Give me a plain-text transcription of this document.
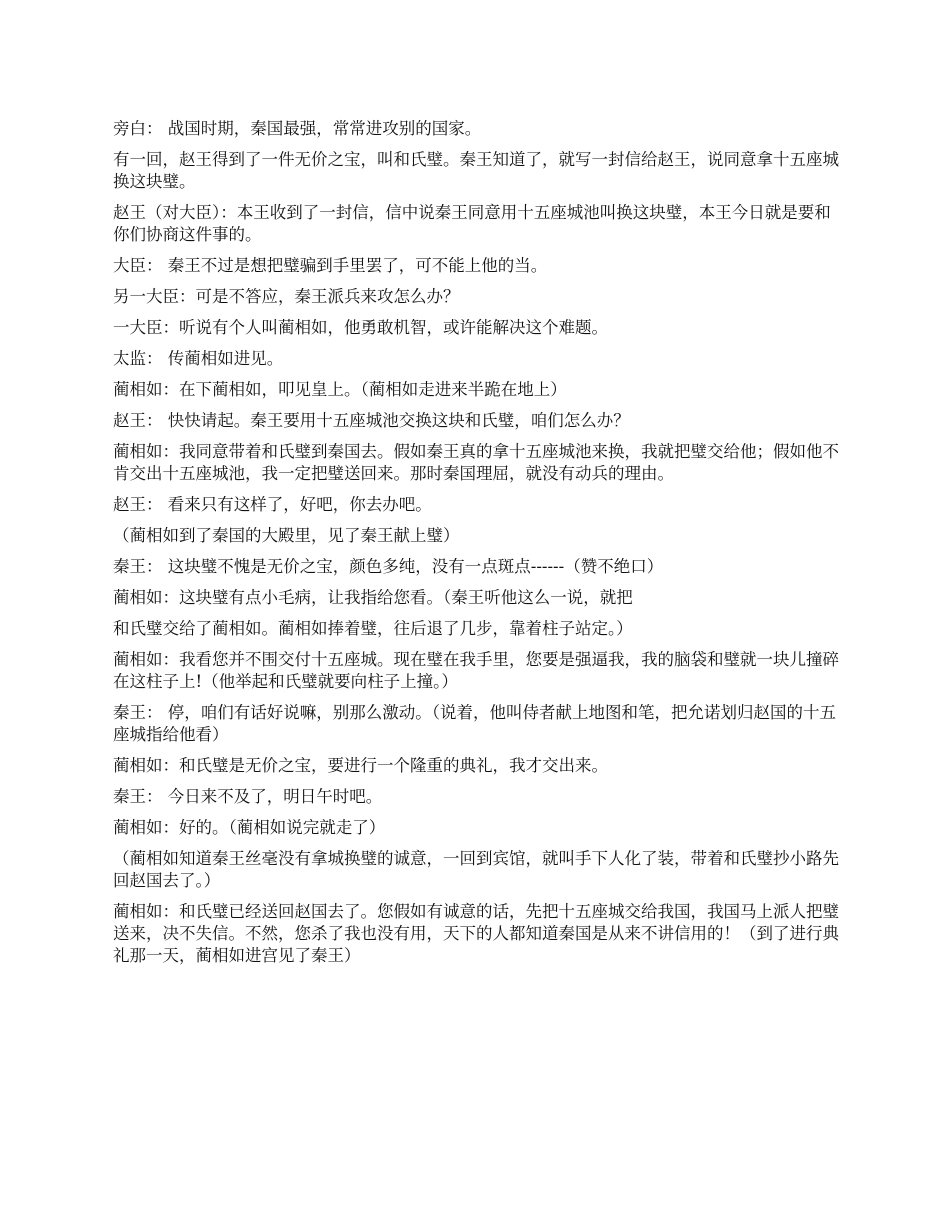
旁白： 战国时期，秦国最强，常常进攻别的国家。

有一回，赵王得到了一件无价之宝，叫和氏璧。秦王知道了，就写一封信给赵王，说同意拿十五座城换这块璧。

赵王（对大臣）：本王收到了一封信，信中说秦王同意用十五座城池叫换这块璧，本王今日就是要和你们协商这件事的。

大臣： 秦王不过是想把璧骗到手里罢了，可不能上他的当。

另一大臣：可是不答应，秦王派兵来攻怎么办？

一大臣：听说有个人叫蔺相如，他勇敢机智，或许能解决这个难题。

太监： 传蔺相如进见。

蔺相如：在下蔺相如，叩见皇上。（蔺相如走进来半跪在地上）

赵王： 快快请起。秦王要用十五座城池交换这块和氏璧，咱们怎么办？

蔺相如：我同意带着和氏璧到秦国去。假如秦王真的拿十五座城池来换，我就把璧交给他；假如他不肯交出十五座城池，我一定把璧送回来。那时秦国理屈，就没有动兵的理由。

赵王： 看来只有这样了，好吧，你去办吧。

（蔺相如到了秦国的大殿里，见了秦王献上璧）

秦王： 这块璧不愧是无价之宝，颜色多纯，没有一点斑点------（赞不绝口）

蔺相如：这块璧有点小毛病，让我指给您看。（秦王听他这么一说，就把

和氏璧交给了蔺相如。蔺相如捧着璧，往后退了几步，靠着柱子站定。）

蔺相如：我看您并不围交付十五座城。现在璧在我手里，您要是强逼我，我的脑袋和璧就一块儿撞碎在这柱子上!（他举起和氏璧就要向柱子上撞。）

秦王： 停，咱们有话好说嘛，别那么激动。（说着，他叫侍者献上地图和笔，把允诺划归赵国的十五座城指给他看）

蔺相如：和氏璧是无价之宝，要进行一个隆重的典礼，我才交出来。

秦王： 今日来不及了，明日午时吧。

蔺相如：好的。（蔺相如说完就走了）

（蔺相如知道秦王丝毫没有拿城换璧的诚意，一回到宾馆，就叫手下人化了装，带着和氏璧抄小路先回赵国去了。）

蔺相如：和氏璧已经送回赵国去了。您假如有诚意的话，先把十五座城交给我国，我国马上派人把璧送来，决不失信。不然，您杀了我也没有用，天下的人都知道秦国是从来不讲信用的！（到了进行典礼那一天，蔺相如进宫见了秦王）
